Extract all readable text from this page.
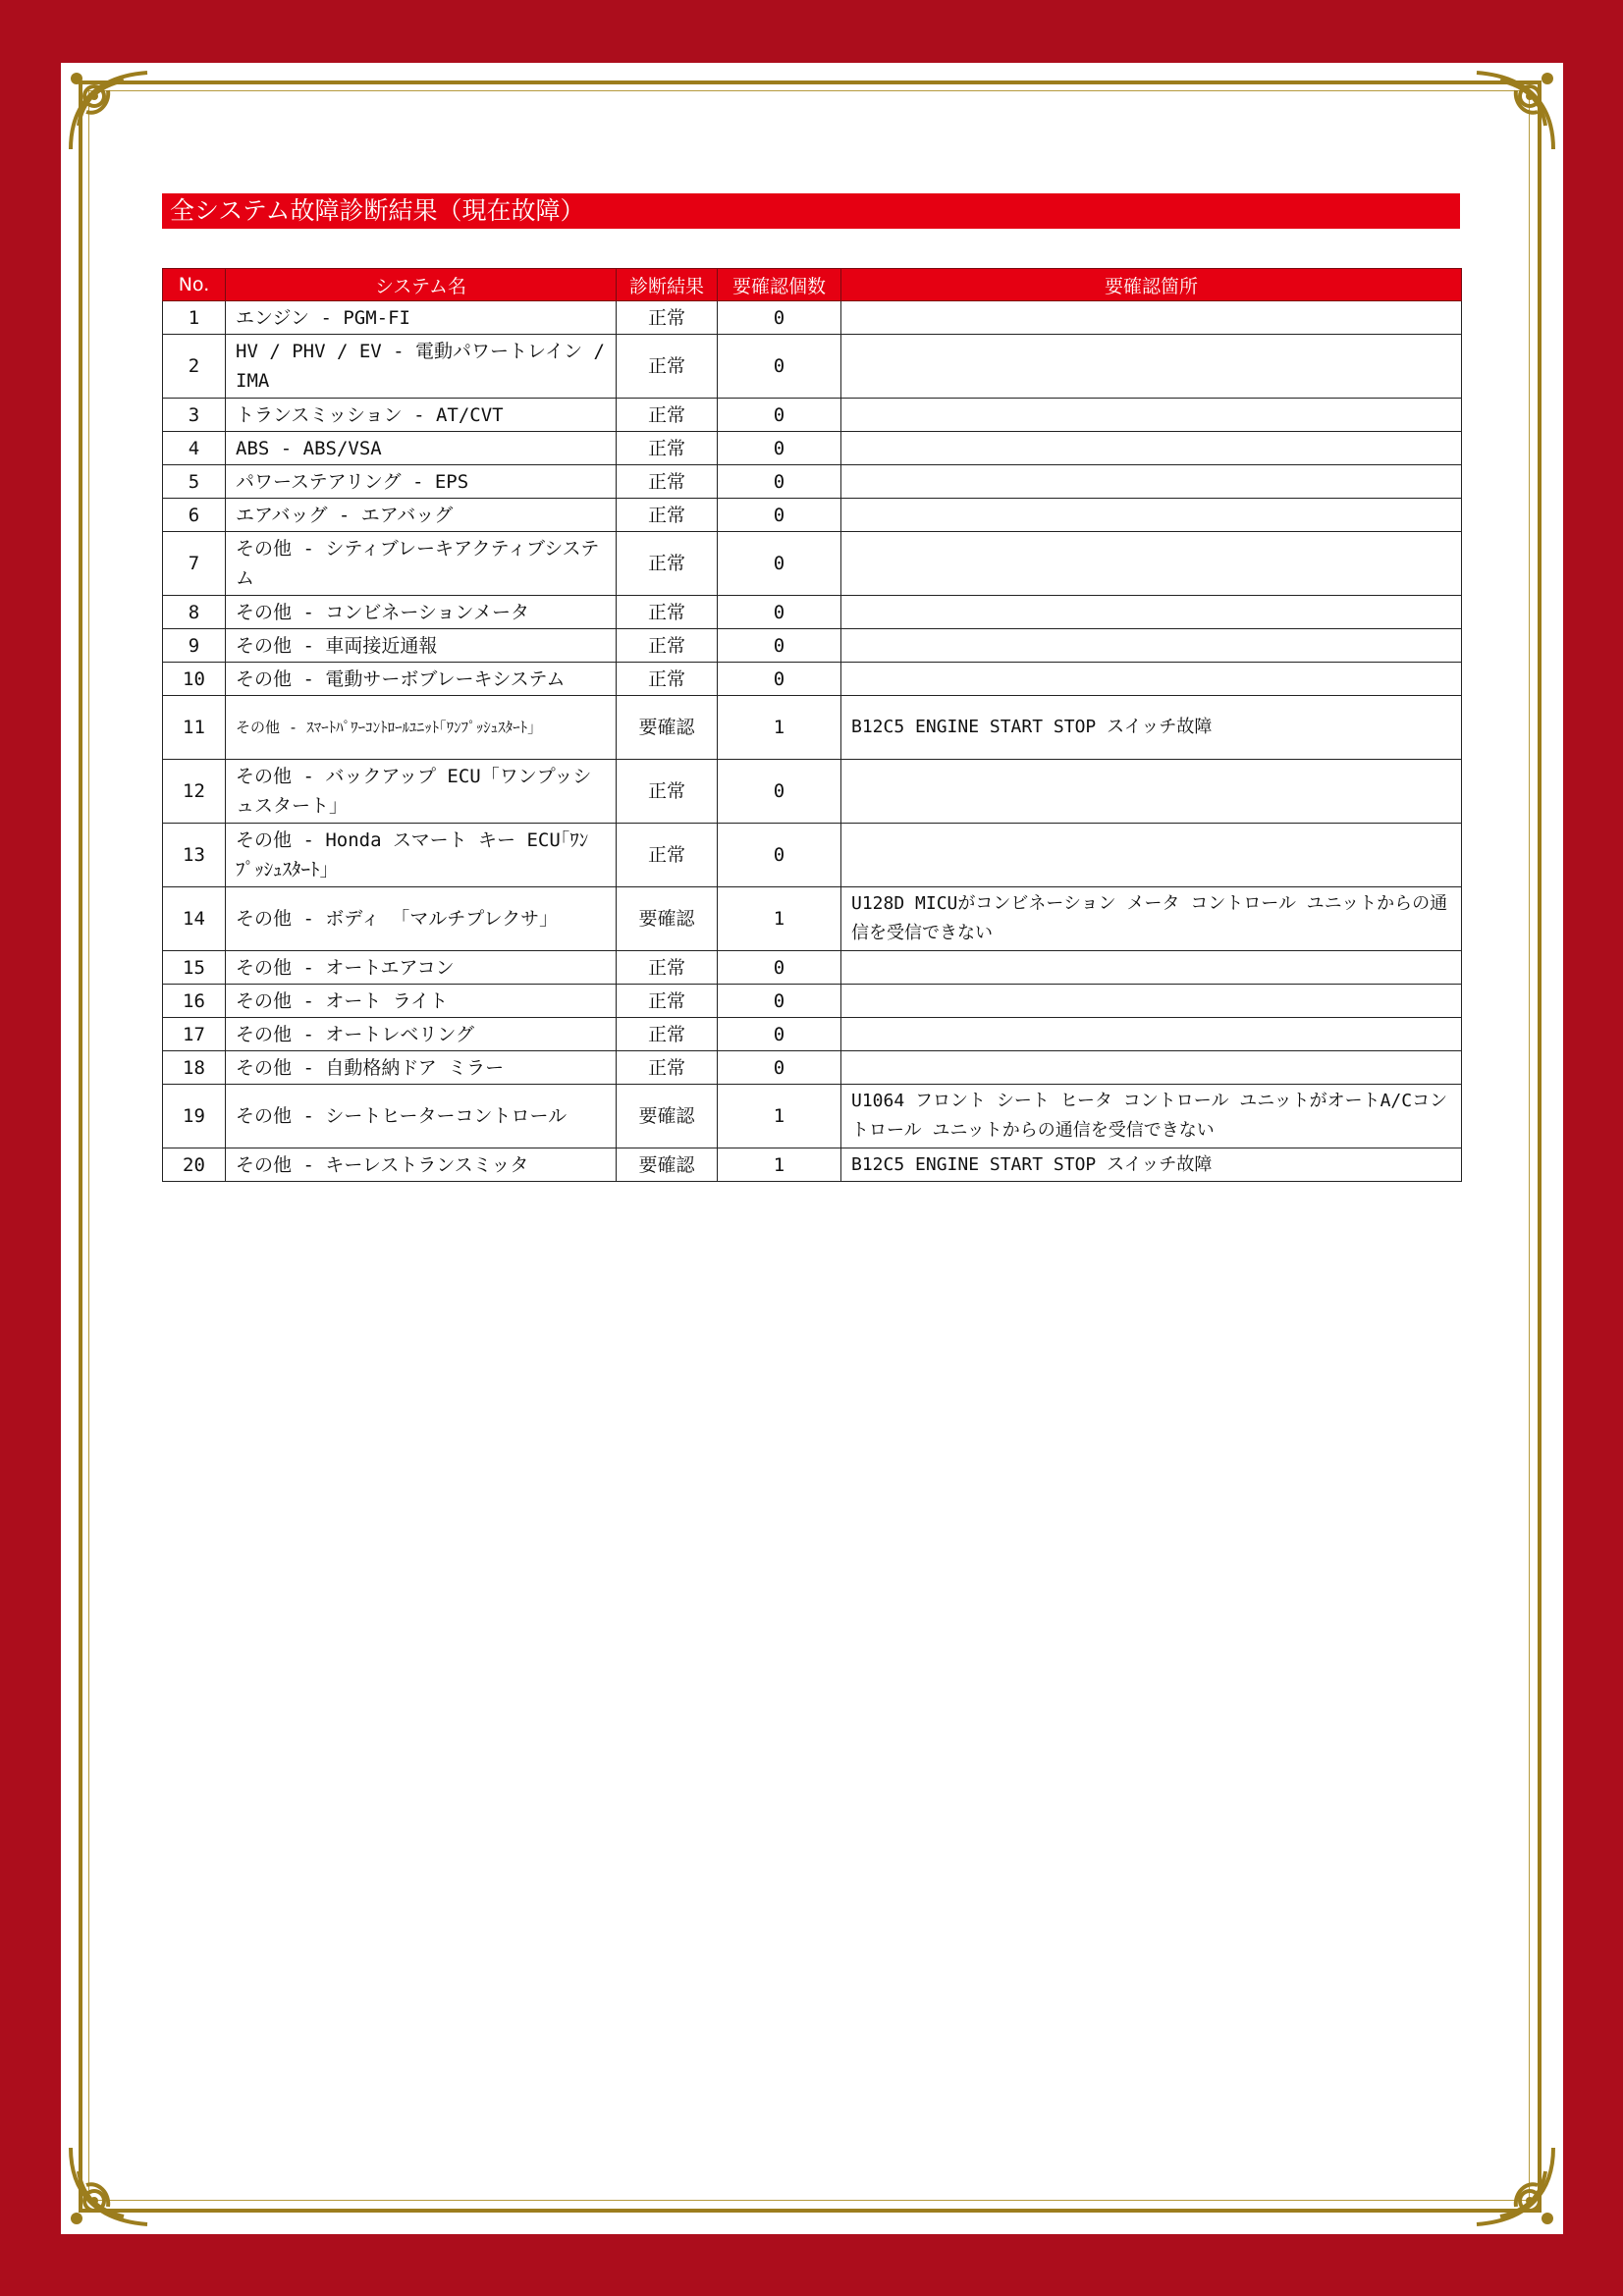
全システム故障診断結果（現在故障）
No.	システム名	診断結果	要確認個数	要確認箇所
1	エンジン - PGM-FI	正常	0	
2	HV / PHV / EV - 電動パワートレイン /IMA	正常	0	
3	トランスミッション - AT/CVT	正常	0	
4	ABS - ABS/VSA	正常	0	
5	パワーステアリング - EPS	正常	0	
6	エアバッグ - エアバッグ	正常	0	
7	その他 - シティブレーキアクティブシステム	正常	0	
8	その他 - コンビネーションメータ	正常	0	
9	その他 - 車両接近通報	正常	0	
10	その他 - 電動サーボブレーキシステム	正常	0	
11	その他 - ｽﾏｰﾄﾊﾟﾜｰｺﾝﾄﾛｰﾙﾕﾆｯﾄ｢ﾜﾝﾌﾟｯｼｭｽﾀｰﾄ｣	要確認	1	B12C5 ENGINE START STOP スイッチ故障
12	その他 - バックアップ ECU「ワンプッシュスタート」	正常	0	
13	その他 - Honda スマート キー ECU｢ﾜﾝﾌﾟｯｼｭｽﾀｰﾄ｣	正常	0	
14	その他 - ボディ 「マルチプレクサ」	要確認	1	U128D MICUがコンビネーション メータ コントロール ユニットからの通信を受信できない
15	その他 - オートエアコン	正常	0	
16	その他 - オート ライト	正常	0	
17	その他 - オートレベリング	正常	0	
18	その他 - 自動格納ドア ミラー	正常	0	
19	その他 - シートヒーターコントロール	要確認	1	U1064 フロント シート ヒータ コントロール ユニットがオートA/Cコントロール ユニットからの通信を受信できない
20	その他 - キーレストランスミッタ	要確認	1	B12C5 ENGINE START STOP スイッチ故障
